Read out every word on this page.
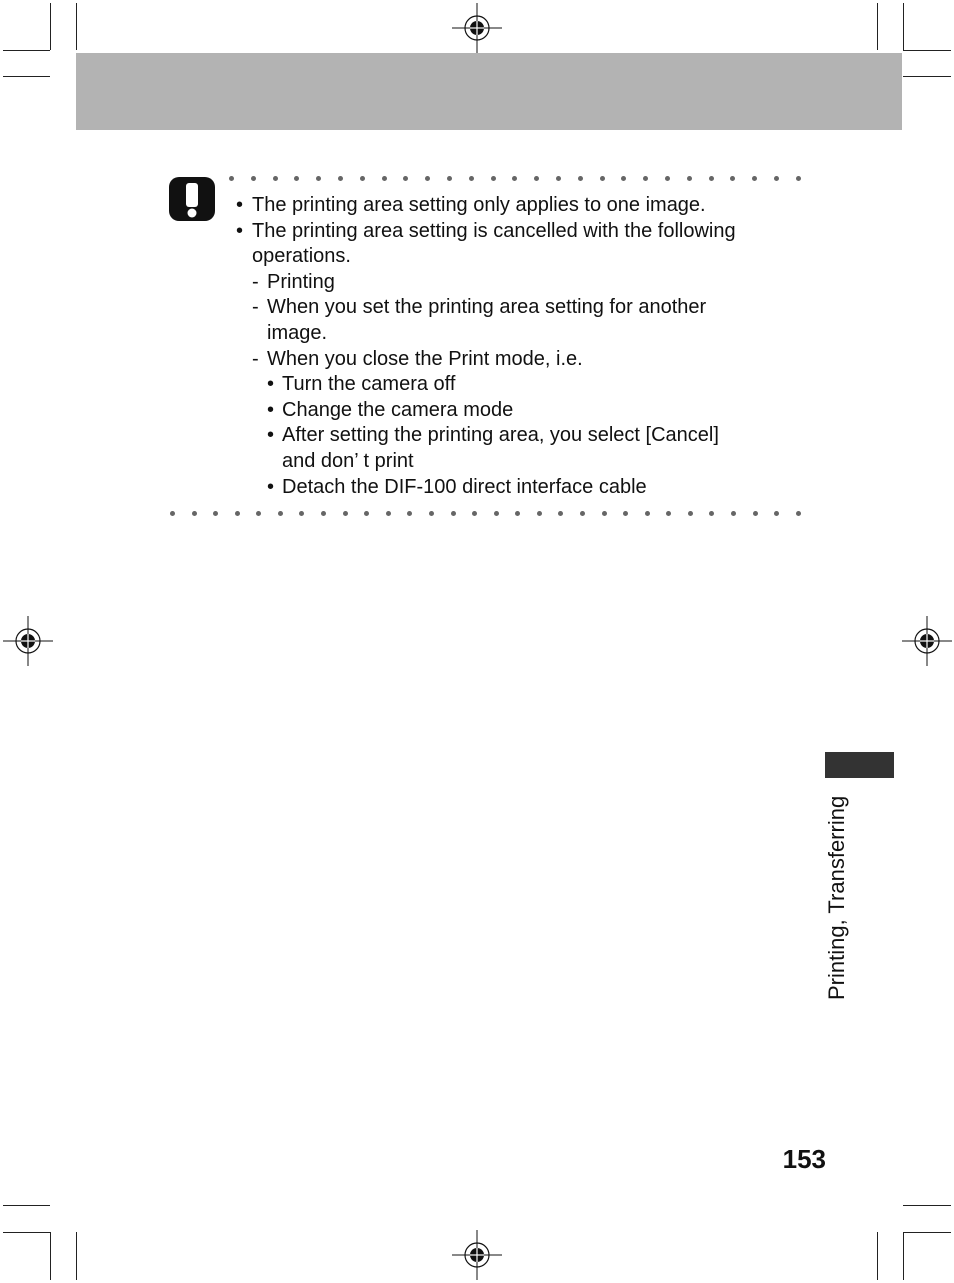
• The printing area setting only applies to one image.
• The printing area setting is cancelled with the following
operations.
- Printing
- When you set the printing area setting for another
image.
- When you close the Print mode, i.e.
• Turn the camera off
• Change the camera mode
• After setting the printing area, you select [Cancel]
and don’ t print
• Detach the DIF-100 direct interface cable
Printing, Transferring
153
